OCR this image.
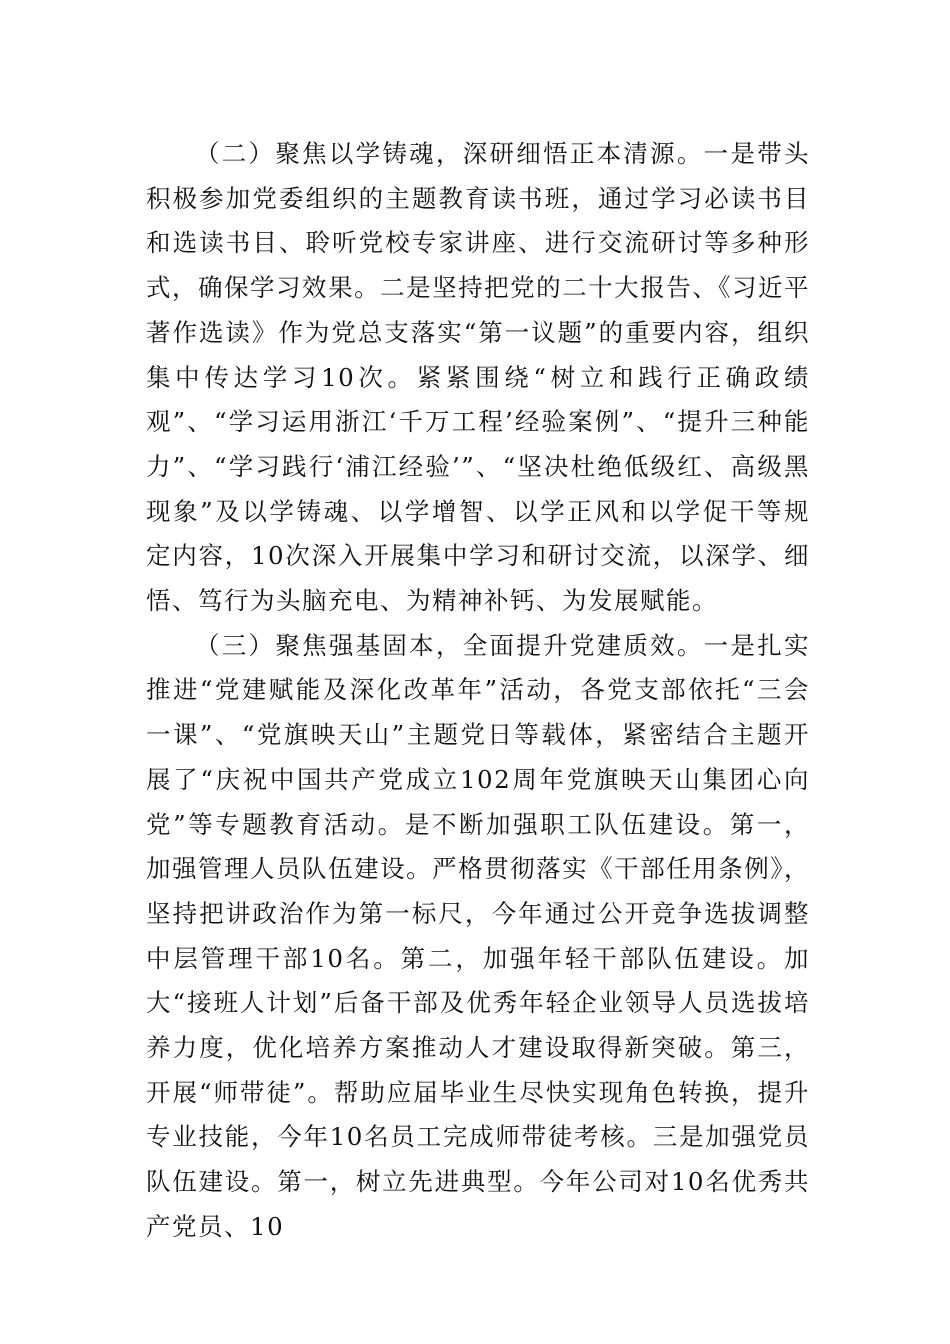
（二）聚焦以学铸魂，深研细悟正本清源。一是带头积极参加党委组织的主题教育读书班，通过学习必读书目和选读书目、聆听党校专家讲座、进行交流研讨等多种形式，确保学习效果。二是坚持把党的二十大报告、《习近平著作选读》作为党总支落实“第一议题”的重要内容，组织集中传达学习10次。紧紧围绕“树立和践行正确政绩观”、“学习运用浙江‘千万工程’经验案例”、“提升三种能力”、“学习践行‘浦江经验’”、“坚决杜绝低级红、高级黑现象”及以学铸魂、以学增智、以学正风和以学促干等规定内容，10次深入开展集中学习和研讨交流，以深学、细悟、笃行为头脑充电、为精神补钙、为发展赋能。

（三）聚焦强基固本，全面提升党建质效。一是扎实推进“党建赋能及深化改革年”活动，各党支部依托“三会一课”、“党旗映天山”主题党日等载体，紧密结合主题开展了“庆祝中国共产党成立102周年党旗映天山集团心向党”等专题教育活动。是不断加强职工队伍建设。第一，加强管理人员队伍建设。严格贯彻落实《干部任用条例》，坚持把讲政治作为第一标尺，今年通过公开竞争选拔调整中层管理干部10名。第二，加强年轻干部队伍建设。加大“接班人计划”后备干部及优秀年轻企业领导人员选拔培养力度，优化培养方案推动人才建设取得新突破。第三，开展“师带徒”。帮助应届毕业生尽快实现角色转换，提升专业技能，今年10名员工完成师带徒考核。三是加强党员队伍建设。第一，树立先进典型。今年公司对10名优秀共产党员、10
